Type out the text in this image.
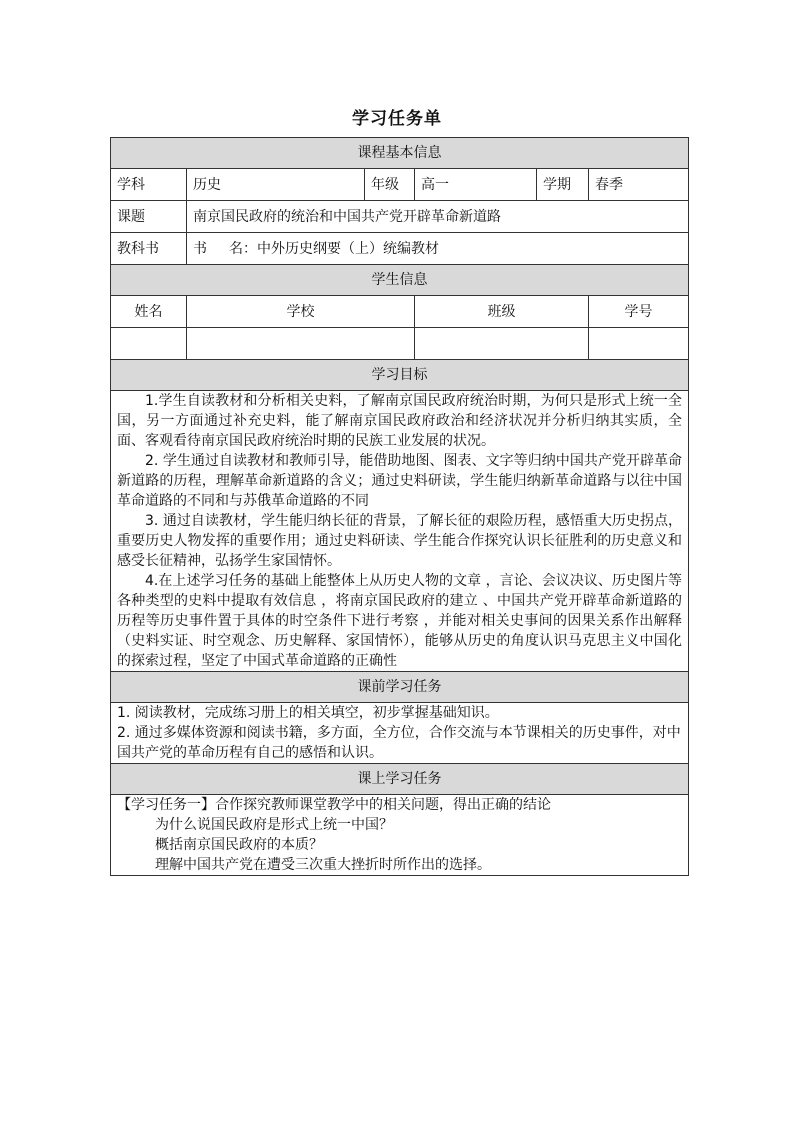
学习任务单
课程基本信息					
学科	历史	年级	高一	学期	春季
课题	南京国民政府的统治和中国共产党开辟革命新道路				
教科书	书 名：中外历史纲要（上）统编教材				
学生信息					
姓名	学校		班级		学号

学习目标					

1.学生自读教材和分析相关史料，了解南京国民政府统治时期，为何只是形式上统一全国，另一方面通过补充史料，能了解南京国民政府政治和经济状况并分析归纳其实质，全面、客观看待南京国民政府统治时期的民族工业发展的状况。

2. 学生通过自读教材和教师引导，能借助地图、图表、文字等归纳中国共产党开辟革命新道路的历程，理解革命新道路的含义；通过史料研读，学生能归纳新革命道路与以往中国革命道路的不同和与苏俄革命道路的不同

3. 通过自读教材，学生能归纳长征的背景，了解长征的艰险历程，感悟重大历史拐点，重要历史人物发挥的重要作用；通过史料研读、学生能合作探究认识长征胜利的历史意义和感受长征精神，弘扬学生家国情怀。

4.在上述学习任务的基础上能整体上从历史人物的文章 ，言论、会议决议、历史图片等各种类型的史料中提取有效信息 ，将南京国民政府的建立 、中国共产党开辟革命新道路的历程等历史事件置于具体的时空条件下进行考察 ，并能对相关史事间的因果关系作出解释（史料实证、时空观念、历史解释、家国情怀），能够从历史的角度认识马克思主义中国化的探索过程，坚定了中国式革命道路的正确性					

课前学习任务					

1. 阅读教材，完成练习册上的相关填空，初步掌握基础知识。

2. 通过多媒体资源和阅读书籍，多方面，全方位，合作交流与本节课相关的历史事件，对中国共产党的革命历程有自己的感悟和认识。					

课上学习任务					

【学习任务一】合作探究教师课堂教学中的相关问题，得出正确的结论

为什么说国民政府是形式上统一中国？

概括南京国民政府的本质？

理解中国共产党在遭受三次重大挫折时所作出的选择。					
